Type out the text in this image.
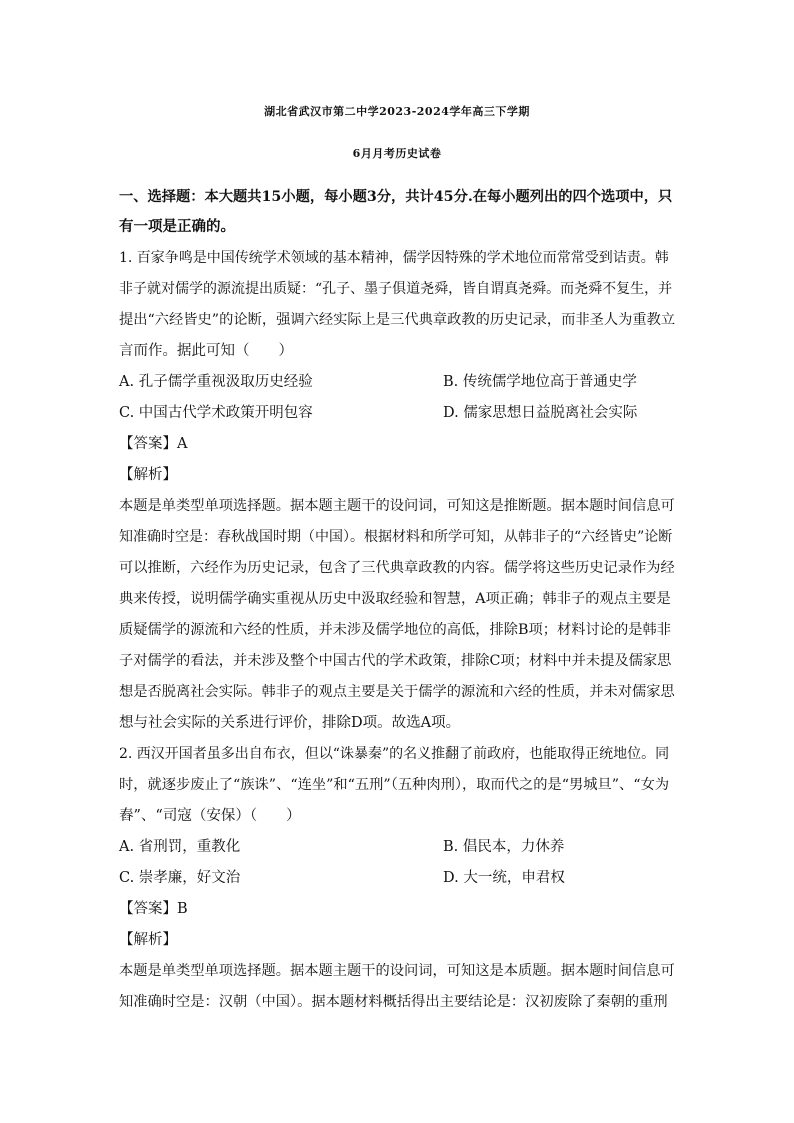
湖北省武汉市第二中学2023-2024学年高三下学期
6月月考历史试卷
一、选择题：本大题共15小题，每小题3分，共计45分.在每小题列出的四个选项中，只
有一项是正确的。
1. 百家争鸣是中国传统学术领域的基本精神，儒学因特殊的学术地位而常常受到诘责。韩
非子就对儒学的源流提出质疑：“孔子、墨子俱道尧舜，皆自谓真尧舜。而尧舜不复生，并
提出“六经皆史”的论断，强调六经实际上是三代典章政教的历史记录，而非圣人为重教立
言而作。据此可知（　　）
A. 孔子儒学重视汲取历史经验	B. 传统儒学地位高于普通史学
C. 中国古代学术政策开明包容	D. 儒家思想日益脱离社会实际
【答案】A
【解析】
本题是单类型单项选择题。据本题主题干的设问词，可知这是推断题。据本题时间信息可
知准确时空是：春秋战国时期（中国）。根据材料和所学可知，从韩非子的“六经皆史”论断
可以推断，六经作为历史记录，包含了三代典章政教的内容。儒学将这些历史记录作为经
典来传授，说明儒学确实重视从历史中汲取经验和智慧，A项正确；韩非子的观点主要是
质疑儒学的源流和六经的性质，并未涉及儒学地位的高低，排除B项；材料讨论的是韩非
子对儒学的看法，并未涉及整个中国古代的学术政策，排除C项；材料中并未提及儒家思
想是否脱离社会实际。韩非子的观点主要是关于儒学的源流和六经的性质，并未对儒家思
想与社会实际的关系进行评价，排除D项。故选A项。
2. 西汉开国者虽多出自布衣，但以“诛暴秦”的名义推翻了前政府，也能取得正统地位。同
时，就逐步废止了“族诛”、“连坐”和“五刑”（五种肉刑），取而代之的是“男城旦”、“女为
舂”、“司寇（安保）（　　）
A. 省刑罚，重教化	B. 倡民本，力休养
C. 崇孝廉，好文治	D. 大一统，申君权
【答案】B
【解析】
本题是单类型单项选择题。据本题主题干的设问词，可知这是本质题。据本题时间信息可
知准确时空是：汉朝（中国）。据本题材料概括得出主要结论是：汉初废除了秦朝的重刑
